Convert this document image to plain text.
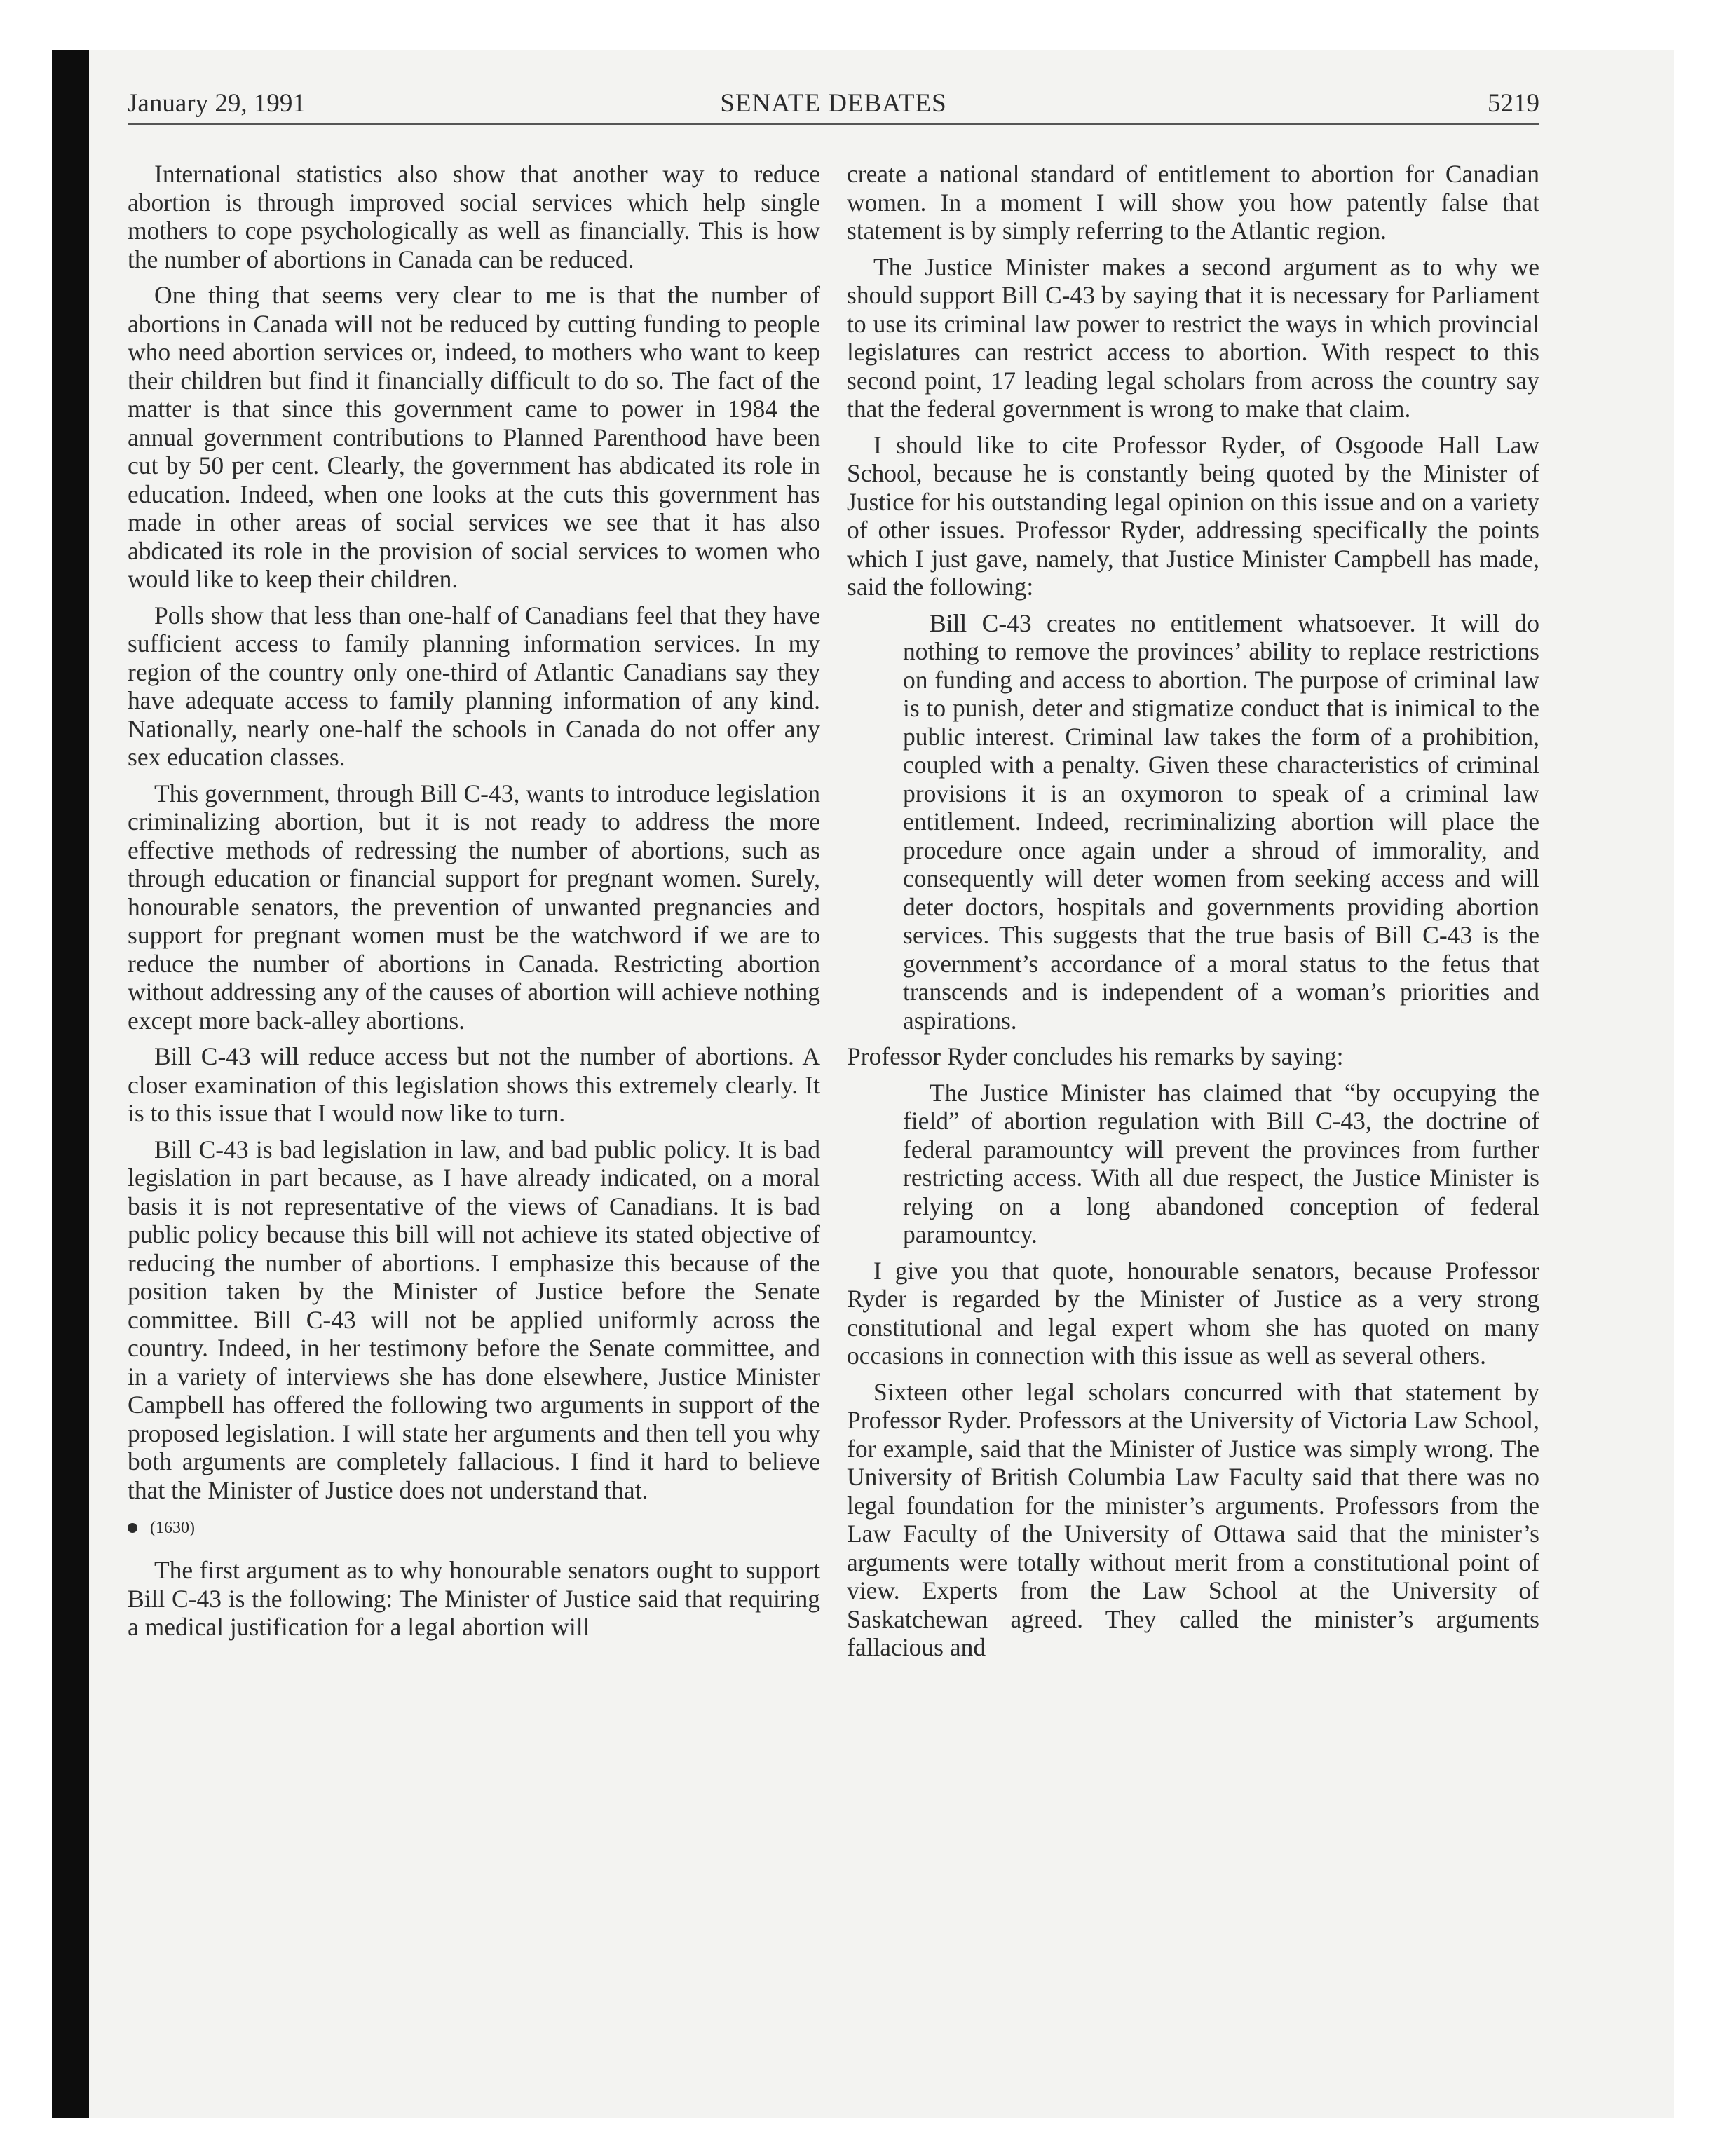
January 29, 1991	SENATE DEBATES	5219

International statistics also show that another way to reduce abortion is through improved social services which help single mothers to cope psychologically as well as financially. This is how the number of abortions in Canada can be reduced.

One thing that seems very clear to me is that the number of abortions in Canada will not be reduced by cutting funding to people who need abortion services or, indeed, to mothers who want to keep their children but find it financially difficult to do so. The fact of the matter is that since this government came to power in 1984 the annual government contributions to Planned Parenthood have been cut by 50 per cent. Clearly, the government has abdicated its role in education. Indeed, when one looks at the cuts this government has made in other areas of social services we see that it has also abdicated its role in the provision of social services to women who would like to keep their children.

Polls show that less than one-half of Canadians feel that they have sufficient access to family planning information services. In my region of the country only one-third of Atlantic Canadians say they have adequate access to family planning information of any kind. Nationally, nearly one-half the schools in Canada do not offer any sex education classes.

This government, through Bill C-43, wants to introduce legislation criminalizing abortion, but it is not ready to address the more effective methods of redressing the number of abortions, such as through education or financial support for pregnant women. Surely, honourable senators, the prevention of unwanted pregnancies and support for pregnant women must be the watchword if we are to reduce the number of abortions in Canada. Restricting abortion without addressing any of the causes of abortion will achieve nothing except more back-alley abortions.

Bill C-43 will reduce access but not the number of abortions. A closer examination of this legislation shows this extremely clearly. It is to this issue that I would now like to turn.

Bill C-43 is bad legislation in law, and bad public policy. It is bad legislation in part because, as I have already indicated, on a moral basis it is not representative of the views of Canadians. It is bad public policy because this bill will not achieve its stated objective of reducing the number of abortions. I emphasize this because of the position taken by the Minister of Justice before the Senate committee. Bill C-43 will not be applied uniformly across the country. Indeed, in her testimony before the Senate committee, and in a variety of interviews she has done elsewhere, Justice Minister Campbell has offered the following two arguments in support of the proposed legislation. I will state her arguments and then tell you why both arguments are completely fallacious. I find it hard to believe that the Minister of Justice does not understand that.

(1630)

The first argument as to why honourable senators ought to support Bill C-43 is the following: The Minister of Justice said that requiring a medical justification for a legal abortion will

create a national standard of entitlement to abortion for Canadian women. In a moment I will show you how patently false that statement is by simply referring to the Atlantic region.

The Justice Minister makes a second argument as to why we should support Bill C-43 by saying that it is necessary for Parliament to use its criminal law power to restrict the ways in which provincial legislatures can restrict access to abortion. With respect to this second point, 17 leading legal scholars from across the country say that the federal government is wrong to make that claim.

I should like to cite Professor Ryder, of Osgoode Hall Law School, because he is constantly being quoted by the Minister of Justice for his outstanding legal opinion on this issue and on a variety of other issues. Professor Ryder, addressing specifically the points which I just gave, namely, that Justice Minister Campbell has made, said the following:

Bill C-43 creates no entitlement whatsoever. It will do nothing to remove the provinces’ ability to replace restrictions on funding and access to abortion. The purpose of criminal law is to punish, deter and stigmatize conduct that is inimical to the public interest. Criminal law takes the form of a prohibition, coupled with a penalty. Given these characteristics of criminal provisions it is an oxymoron to speak of a criminal law entitlement. Indeed, recriminalizing abortion will place the procedure once again under a shroud of immorality, and consequently will deter women from seeking access and will deter doctors, hospitals and governments providing abortion services. This suggests that the true basis of Bill C-43 is the government’s accordance of a moral status to the fetus that transcends and is independent of a woman’s priorities and aspirations.

Professor Ryder concludes his remarks by saying:

The Justice Minister has claimed that “by occupying the field” of abortion regulation with Bill C-43, the doctrine of federal paramountcy will prevent the provinces from further restricting access. With all due respect, the Justice Minister is relying on a long abandoned conception of federal paramountcy.

I give you that quote, honourable senators, because Professor Ryder is regarded by the Minister of Justice as a very strong constitutional and legal expert whom she has quoted on many occasions in connection with this issue as well as several others.

Sixteen other legal scholars concurred with that statement by Professor Ryder. Professors at the University of Victoria Law School, for example, said that the Minister of Justice was simply wrong. The University of British Columbia Law Faculty said that there was no legal foundation for the minister’s arguments. Professors from the Law Faculty of the University of Ottawa said that the minister’s arguments were totally without merit from a constitutional point of view. Experts from the Law School at the University of Saskatchewan agreed. They called the minister’s arguments fallacious and
